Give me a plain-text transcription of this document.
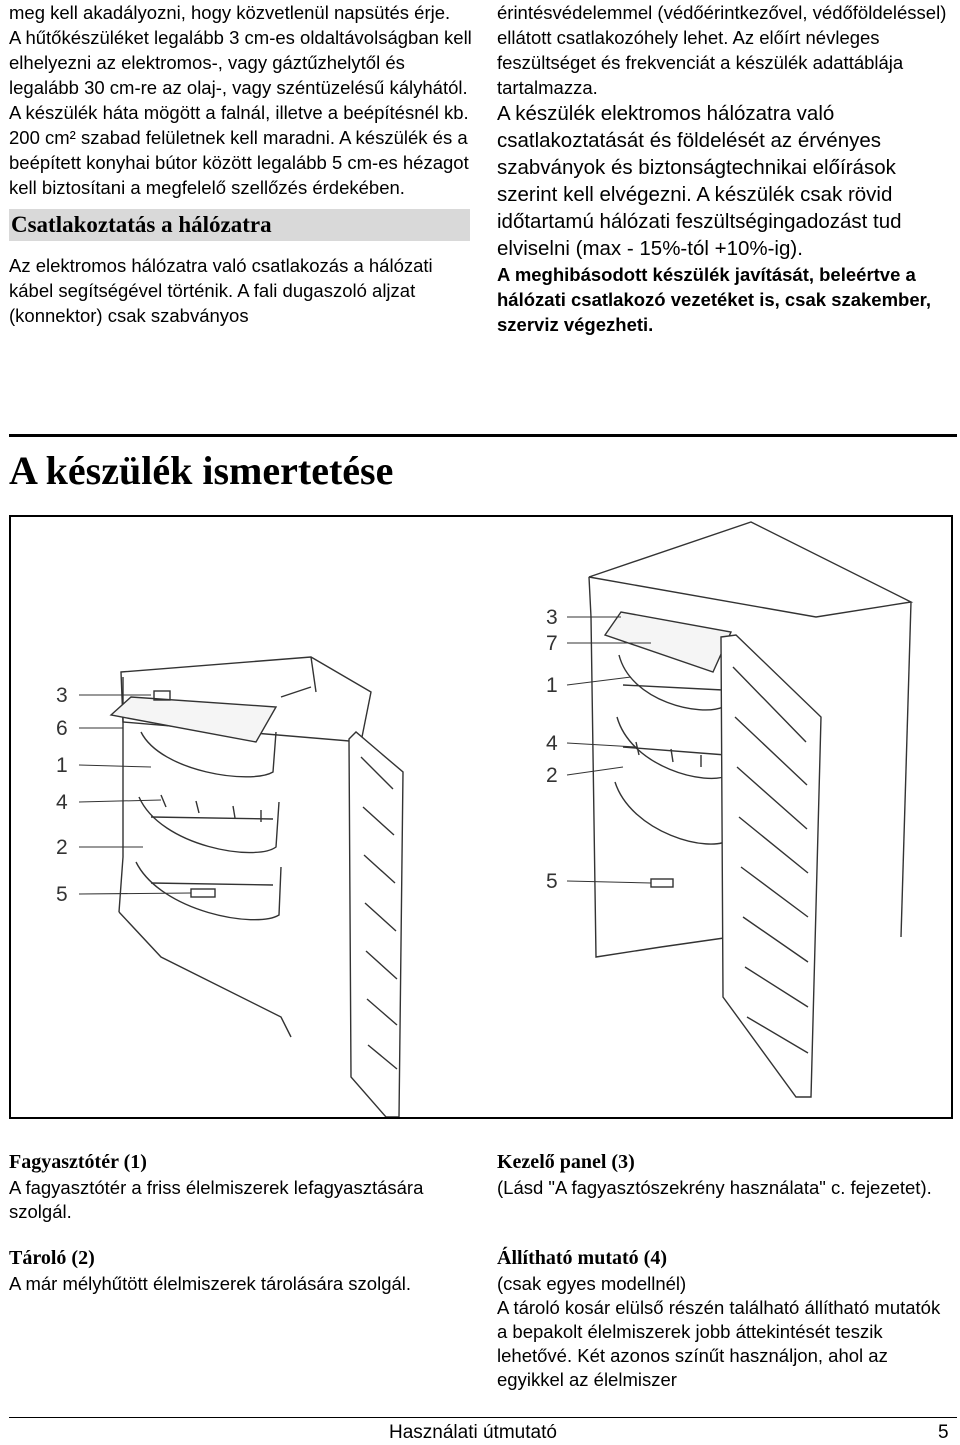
meg kell akadályozni, hogy közvetlenül napsütés érje.

A hűtőkészüléket legalább 3 cm-es oldaltávolságban kell elhelyezni az elektromos-, vagy gáztűzhelytől és legalább 30 cm-re az olaj-, vagy széntüzelésű kályhától. A készülék háta mögött a falnál, illetve a beépítésnél kb. 200 cm² szabad felületnek kell maradni. A készülék és a beépített konyhai bútor között legalább 5 cm-es hézagot kell biztosítani a megfelelő szellőzés érdekében.

Csatlakoztatás a hálózatra

Az elektromos hálózatra való csatlakozás a hálózati kábel segítségével történik. A fali dugaszoló aljzat (konnektor) csak szabványos

érintésvédelemmel (védőérintkezővel, védőföldeléssel) ellátott csatlakozóhely lehet. Az előírt névleges feszültséget és frekvenciát a készülék adattáblája tartalmazza.

A készülék elektromos hálózatra való csatlakoztatását és földelését az érvényes szabványok és biztonságtechnikai előírások szerint kell elvégezni. A készülék csak rövid időtartamú hálózati feszültségingadozást tud elviselni (max - 15%-tól +10%-ig).

A meghibásodott készülék javítását, beleértve a hálózati csatlakozó vezetéket is, csak szakember, szerviz végezheti.

A készülék ismertetése
3
6
1
4
2
5
3
7
1
4
2
5
Fagyasztótér (1)

A fagyasztótér a friss élelmiszerek lefagyasztására szolgál.

Tároló (2)

A már mélyhűtött élelmiszerek tárolására szolgál.

Kezelő panel (3)

(Lásd "A fagyasztószekrény használata" c. fejezetet).

Állítható mutató (4)

(csak egyes modellnél)

A tároló kosár elülső részén található állítható mutatók a bepakolt élelmiszerek jobb áttekintését teszik lehetővé. Két azonos színűt használjon, ahol az egyikkel az élelmiszer

Használati útmutató	5
